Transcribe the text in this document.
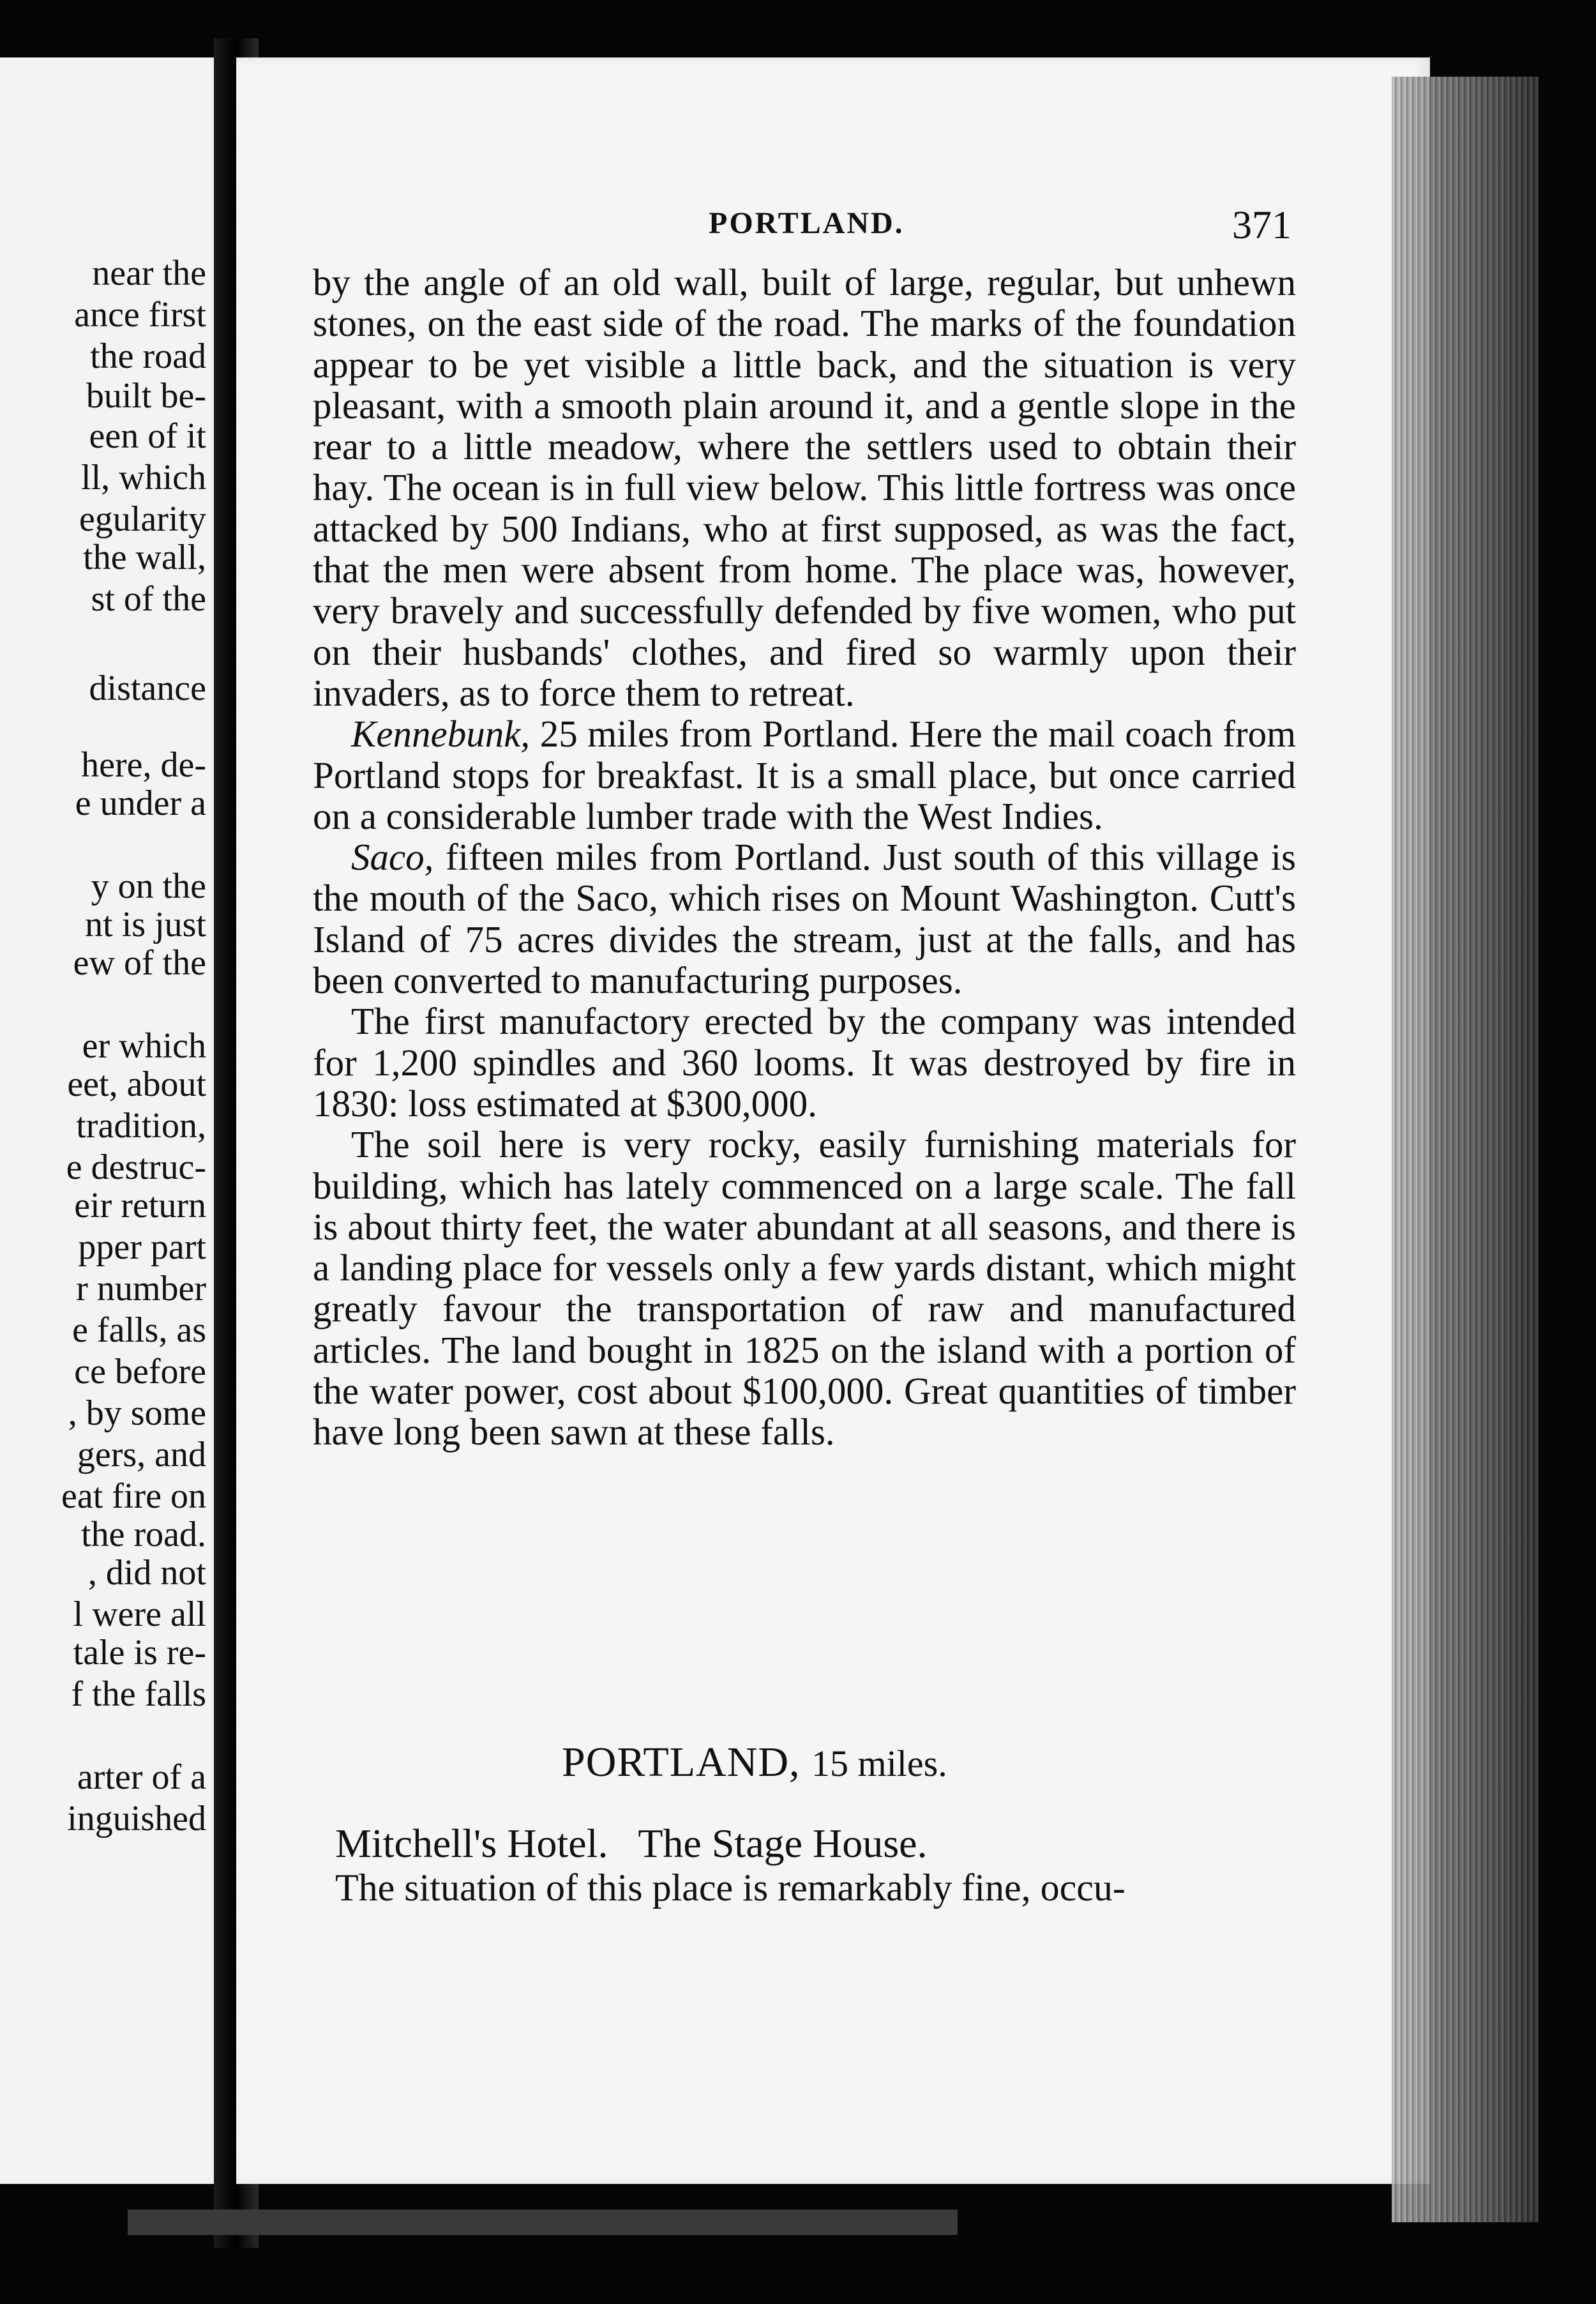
near the
ance first
the road
built be-
een of it
ll, which
egularity
the wall,
st of the
distance
here, de-
e under a
y on the
nt is just
ew of the
er which
eet, about
tradition,
e destruc-
eir return
pper part
r number
e falls, as
ce before
, by some
gers, and
eat fire on
the road.
, did not
l were all
tale is re-
f the falls
arter of a
inguished
PORTLAND.	371

by the angle of an old wall, built of large, regular, but unhewn stones, on the east side of the road. The marks of the foundation appear to be yet visible a little back, and the situation is very pleasant, with a smooth plain around it, and a gentle slope in the rear to a little meadow, where the settlers used to obtain their hay. The ocean is in full view below. This little fortress was once attacked by 500 Indians, who at first supposed, as was the fact, that the men were absent from home. The place was, however, very bravely and successfully defended by five women, who put on their husbands' clothes, and fired so warmly upon their invaders, as to force them to retreat.

Kennebunk, 25 miles from Portland. Here the mail coach from Portland stops for breakfast. It is a small place, but once carried on a considerable lumber trade with the West Indies.

Saco, fifteen miles from Portland. Just south of this village is the mouth of the Saco, which rises on Mount Washington. Cutt's Island of 75 acres divides the stream, just at the falls, and has been converted to manufacturing purposes.

The first manufactory erected by the company was intended for 1,200 spindles and 360 looms. It was destroyed by fire in 1830: loss estimated at $300,000.

The soil here is very rocky, easily furnishing materials for building, which has lately commenced on a large scale. The fall is about thirty feet, the water abundant at all seasons, and there is a landing place for vessels only a few yards distant, which might greatly favour the transportation of raw and manufactured articles. The land bought in 1825 on the island with a portion of the water power, cost about $100,000. Great quantities of timber have long been sawn at these falls.

PORTLAND, 15 miles.
Mitchell's Hotel.   The Stage House.
The situation of this place is remarkably fine, occu-
